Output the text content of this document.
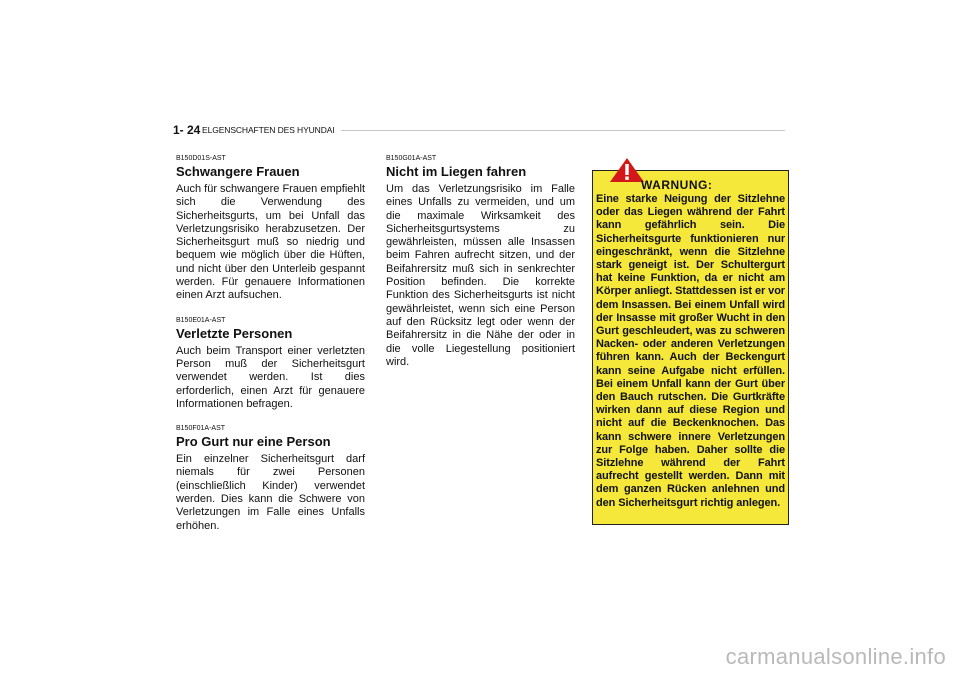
1- 24 ELGENSCHAFTEN DES HYUNDAI
B150D01S-AST
Schwangere Frauen
Auch für schwangere Frauen empfiehlt sich die Verwendung des Sicherheitsgurts, um bei Unfall das Verletzungsrisiko herabzusetzen. Der Sicherheitsgurt muß so niedrig und bequem wie möglich über die Hüften, und nicht über den Unterleib gespannt werden. Für genauere Informationen einen Arzt aufsuchen.
B150E01A-AST
Verletzte Personen
Auch beim Transport einer verletzten Person muß der Sicherheitsgurt verwendet werden. Ist dies erforderlich, einen Arzt für genauere Informationen befragen.
B150F01A-AST
Pro Gurt nur eine Person
Ein einzelner Sicherheitsgurt darf niemals für zwei Personen (einschließlich Kinder) verwendet werden. Dies kann die Schwere von Verletzungen im Falle eines Unfalls erhöhen.
B150G01A-AST
Nicht im Liegen fahren
Um das Verletzungsrisiko im Falle eines Unfalls zu vermeiden, und um die maximale Wirksamkeit des Sicherheitsgurtsystems zu gewährleisten, müssen alle Insassen beim Fahren aufrecht sitzen, und der Beifahrersitz muß sich in senkrechter Position befinden. Die korrekte Funktion des Sicherheitsgurts ist nicht gewährleistet, wenn sich eine Person auf den Rücksitz legt oder wenn der Beifahrersitz in die Nähe der oder in die volle Liegestellung positioniert wird.
WARNUNG:
Eine starke Neigung der Sitzlehne oder das Liegen während der Fahrt kann gefährlich sein. Die Sicherheitsgurte funktionieren nur eingeschränkt, wenn die Sitzlehne stark geneigt ist. Der Schultergurt hat keine Funktion, da er nicht am Körper anliegt. Stattdessen ist er vor dem Insassen. Bei einem Unfall wird der Insasse mit großer Wucht in den Gurt geschleudert, was zu schweren Nacken- oder anderen Verletzungen führen kann. Auch der Beckengurt kann seine Aufgabe nicht erfüllen. Bei einem Unfall kann der Gurt über den Bauch rutschen. Die Gurtkräfte wirken dann auf diese Region und nicht auf die Beckenknochen. Das kann schwere innere Verletzungen zur Folge haben. Daher sollte die Sitzlehne während der Fahrt aufrecht gestellt werden. Dann mit dem ganzen Rücken anlehnen und den Sicherheitsgurt richtig anlegen.
carmanualsonline.info
